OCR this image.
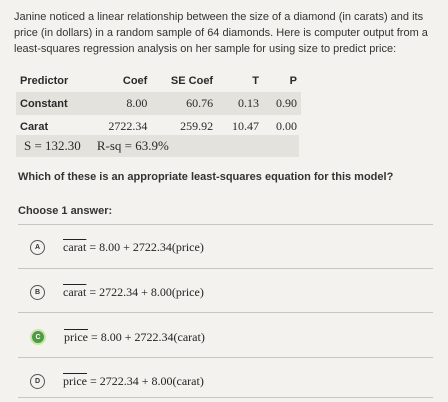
Janine noticed a linear relationship between the size of a diamond (in carats) and its price (in dollars) in a random sample of 64 diamonds. Here is computer output from a least-squares regression analysis on her sample for using size to predict price:
Predictor	Coef	SE Coef	T	P
Constant	8.00	60.76	0.13	0.90
Carat	2722.34	259.92	10.47	0.00
S = 132.30	R-sq = 63.9%
Which of these is an appropriate least-squares equation for this model?
Choose 1 answer:
A	carat = 8.00 + 2722.34(price)
B	carat = 2722.34 + 8.00(price)
C	price = 8.00 + 2722.34(carat)
D	price = 2722.34 + 8.00(carat)
